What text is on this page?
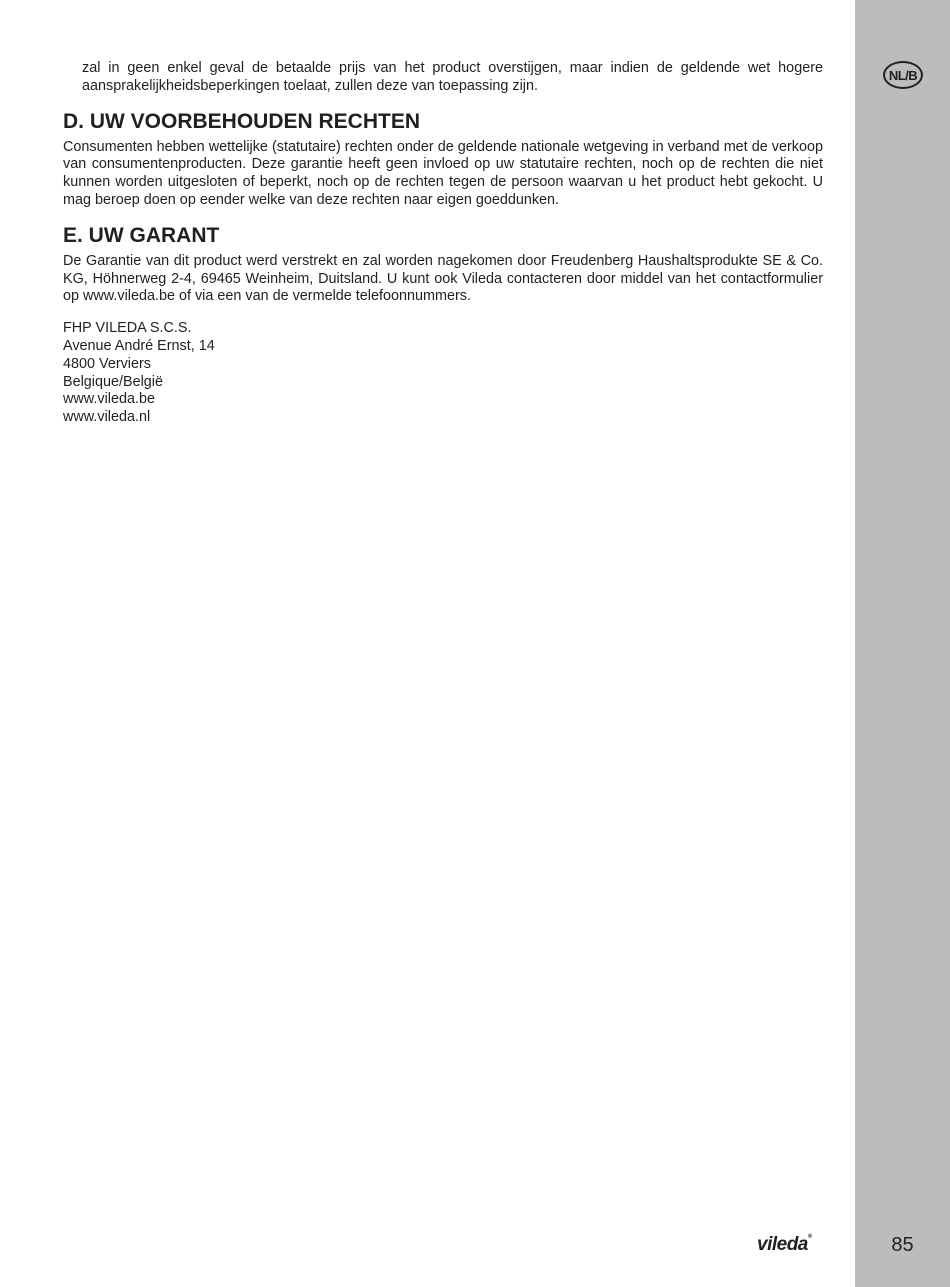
zal in geen enkel geval de betaalde prijs van het product overstijgen, maar indien de geldende wet hogere aansprakelijkheidsbeperkingen toelaat, zullen deze van toepassing zijn.

D. UW VOORBEHOUDEN RECHTEN

Consumenten hebben wettelijke (statutaire) rechten onder de geldende nationale wetgeving in verband met de verkoop van consumentenproducten. Deze garantie heeft geen invloed op uw statutaire rechten, noch op de rechten die niet kunnen worden uitgesloten of beperkt, noch op de rechten tegen de persoon waarvan u het product hebt gekocht. U mag beroep doen op eender welke van deze rechten naar eigen goeddunken.

E. UW GARANT

De Garantie van dit product werd verstrekt en zal worden nagekomen door Freudenberg Haushaltsprodukte SE & Co. KG, Höhnerweg 2-4, 69465 Weinheim, Duitsland. U kunt ook Vileda contacteren door middel van het contactformulier op www.vileda.be of via een van de vermelde telefoonnummers.

FHP VILEDA S.C.S.
Avenue André Ernst, 14
4800 Verviers
Belgique/België
www.vileda.be
www.vileda.nl
vileda®
NL/B
85
